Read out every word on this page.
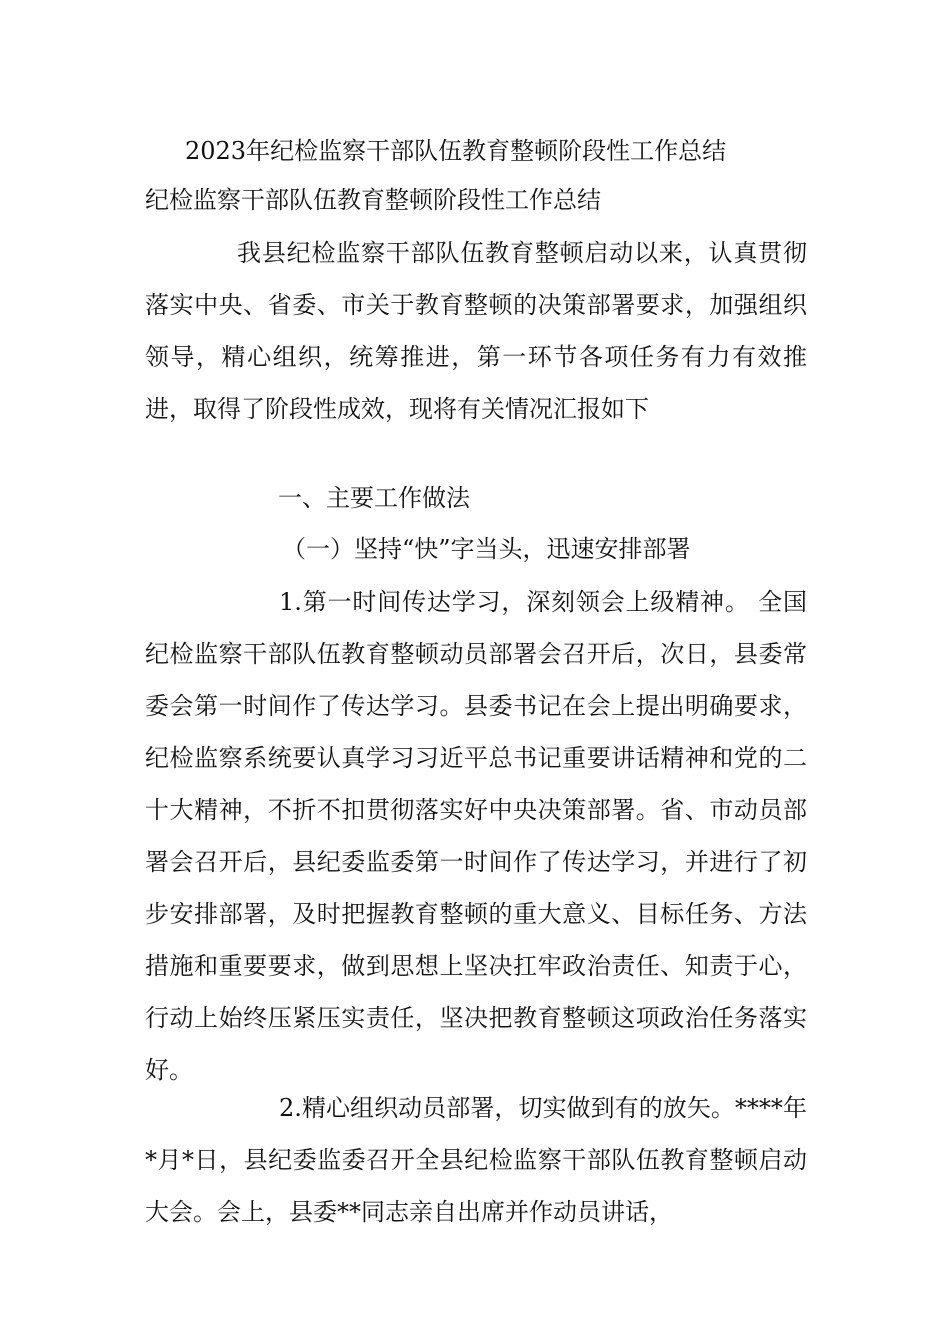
2023年纪检监察干部队伍教育整顿阶段性工作总结
纪检监察干部队伍教育整顿阶段性工作总结

我县纪检监察干部队伍教育整顿启动以来，认真贯彻落实中央、省委、市关于教育整顿的决策部署要求，加强组织领导，精心组织，统筹推进，第一环节各项任务有力有效推进，取得了阶段性成效，现将有关情况汇报如下

一、主要工作做法
（一）坚持“快”字当头，迅速安排部署

1.第一时间传达学习，深刻领会上级精神。 全国纪检监察干部队伍教育整顿动员部署会召开后，次日，县委常委会第一时间作了传达学习。县委书记在会上提出明确要求，纪检监察系统要认真学习习近平总书记重要讲话精神和党的二十大精神，不折不扣贯彻落实好中央决策部署。省、市动员部署会召开后，县纪委监委第一时间作了传达学习，并进行了初步安排部署，及时把握教育整顿的重大意义、目标任务、方法措施和重要要求，做到思想上坚决扛牢政治责任、知责于心，行动上始终压紧压实责任，坚决把教育整顿这项政治任务落实好。

2.精心组织动员部署，切实做到有的放矢。****年*月*日，县纪委监委召开全县纪检监察干部队伍教育整顿启动大会。会上，县委**同志亲自出席并作动员讲话，
